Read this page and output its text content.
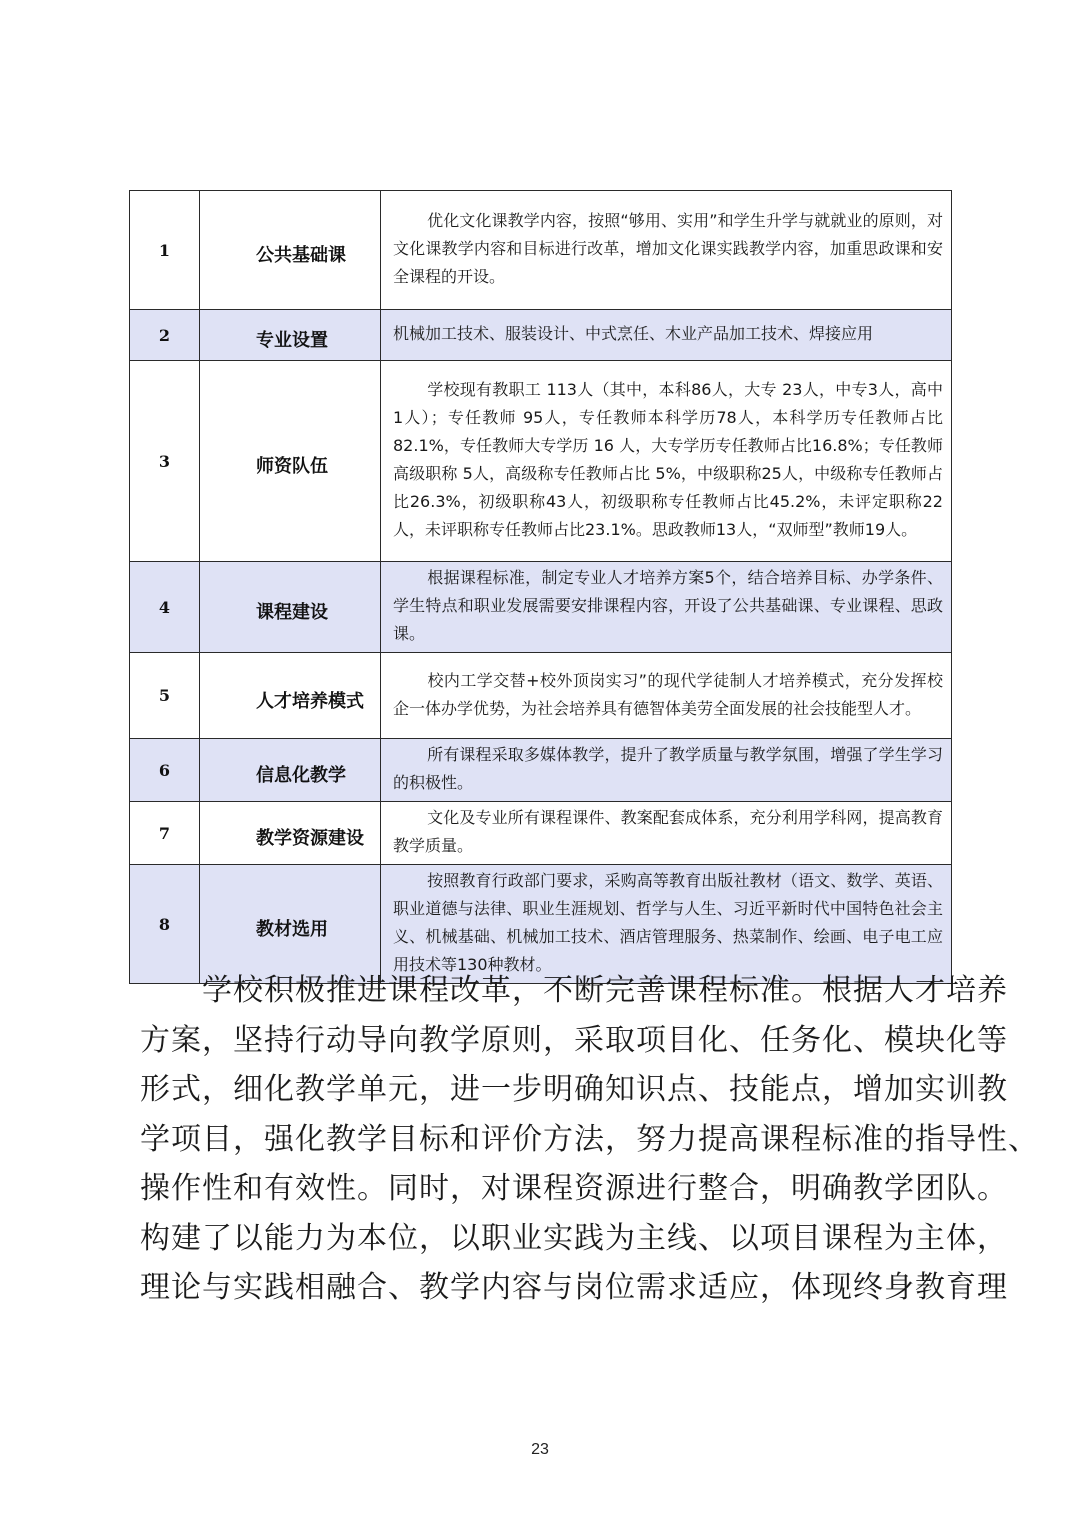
1	公共基础课	优化文化课教学内容，按照“够用、实用”和学生升学与就就业的原则，对文化课教学内容和目标进行改革，增加文化课实践教学内容，加重思政课和安全课程的开设。
2	专业设置	机械加工技术、服装设计、中式烹任、木业产品加工技术、焊接应用
3	师资队伍	学校现有教职工 113人（其中，本科86人，大专 23人，中专3人，高中1人）；专任教师 95人，专任教师本科学历78人，本科学历专任教师占比82.1%，专任教师大专学历 16 人，大专学历专任教师占比16.8%；专任教师高级职称 5人，高级称专任教师占比 5%，中级职称25人，中级称专任教师占比26.3%，初级职称43人，初级职称专任教师占比45.2%，未评定职称22 人，未评职称专任教师占比23.1%。思政教师13人，“双师型”教师19人。
4	课程建设	根据课程标准，制定专业人才培养方案5个，结合培养目标、办学条件、学生特点和职业发展需要安排课程内容，开设了公共基础课、专业课程、思政课。
5	人才培养模式	校内工学交替+校外顶岗实习”的现代学徒制人才培养模式，充分发挥校企一体办学优势，为社会培养具有德智体美劳全面发展的社会技能型人才。
6	信息化教学	所有课程采取多媒体教学，提升了教学质量与教学氛围，增强了学生学习的积极性。
7	教学资源建设	文化及专业所有课程课件、教案配套成体系，充分利用学科网，提高教育教学质量。
8	教材选用	按照教育行政部门要求，采购高等教育出版社教材（语文、数学、英语、职业道德与法律、职业生涯规划、哲学与人生、习近平新时代中国特色社会主义、机械基础、机械加工技术、酒店管理服务、热菜制作、绘画、电子电工应用技术等130种教材。
　　学校积极推进课程改革，不断完善课程标准。根据人才培养
方案，坚持行动导向教学原则，采取项目化、任务化、模块化等
形式，细化教学单元，进一步明确知识点、技能点，增加实训教
学项目，强化教学目标和评价方法，努力提高课程标准的指导性、
操作性和有效性。同时，对课程资源进行整合，明确教学团队。
构建了以能力为本位，以职业实践为主线、以项目课程为主体，
理论与实践相融合、教学内容与岗位需求适应，体现终身教育理
23
